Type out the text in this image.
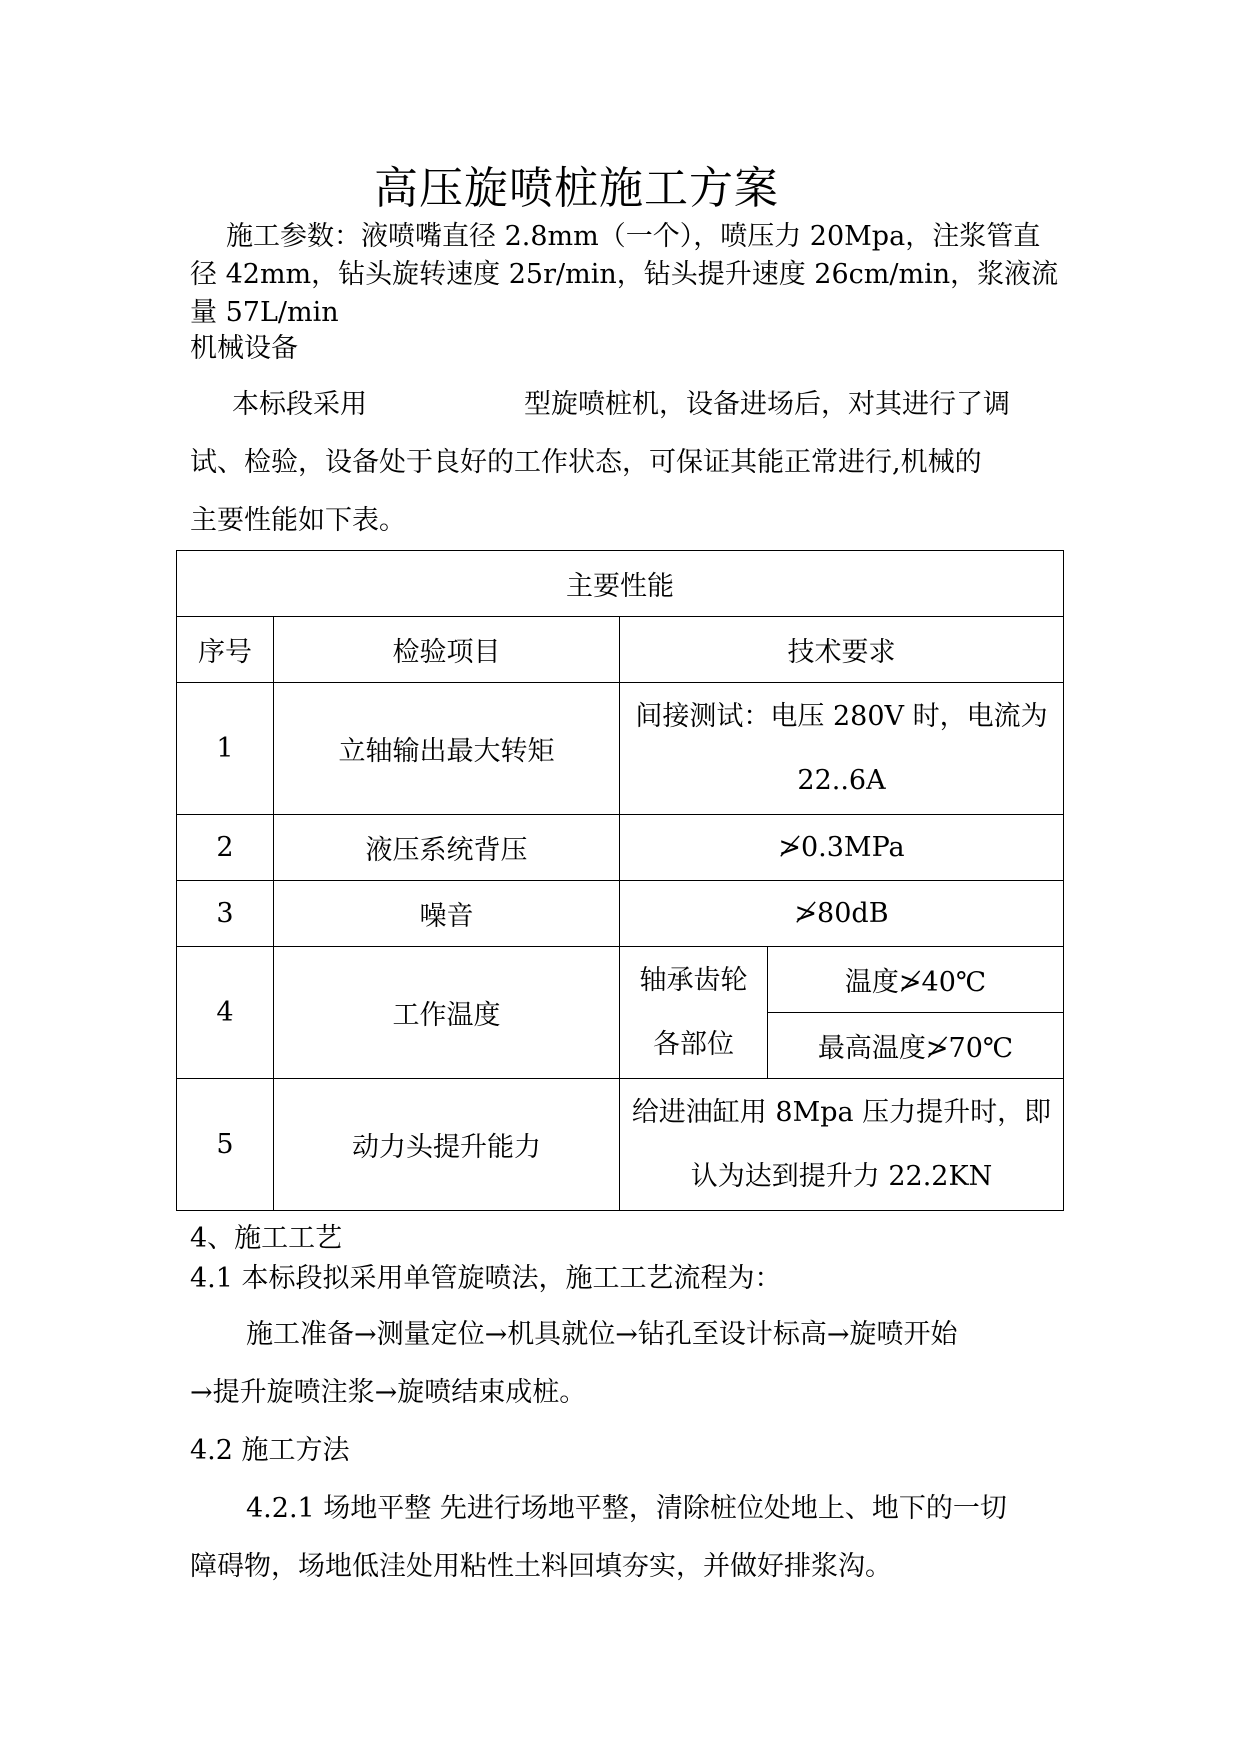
高压旋喷桩施工方案
施工参数：液喷嘴直径 2.8mm（一个），喷压力 20Mpa，注浆管直
径 42mm，钻头旋转速度 25r/min，钻头提升速度 26cm/min，浆液流
量 57L/min
机械设备
本标段采用	型旋喷桩机，设备进场后，对其进行了调
试、检验，设备处于良好的工作状态，可保证其能正常进行,机械的
主要性能如下表。
主要性能			
序号	检验项目	技术要求	
1	立轴输出最大转矩	间接测试：电压 280V 时，电流为
22..6A	

2	液压系统背压	≯0.3MPa	
3	噪音	≯80dB	
4	工作温度	轴承齿轮
各部位	温度≯40℃
			最高温度≯70℃
5	动力头提升能力	给进油缸用 8Mpa 压力提升时，即
认为达到提升力 22.2KN	
4、施工工艺
4.1 本标段拟采用单管旋喷法，施工工艺流程为：
施工准备→测量定位→机具就位→钻孔至设计标高→旋喷开始
→提升旋喷注浆→旋喷结束成桩。
4.2 施工方法
4.2.1 场地平整 先进行场地平整，清除桩位处地上、地下的一切
障碍物，场地低洼处用粘性土料回填夯实，并做好排浆沟。
